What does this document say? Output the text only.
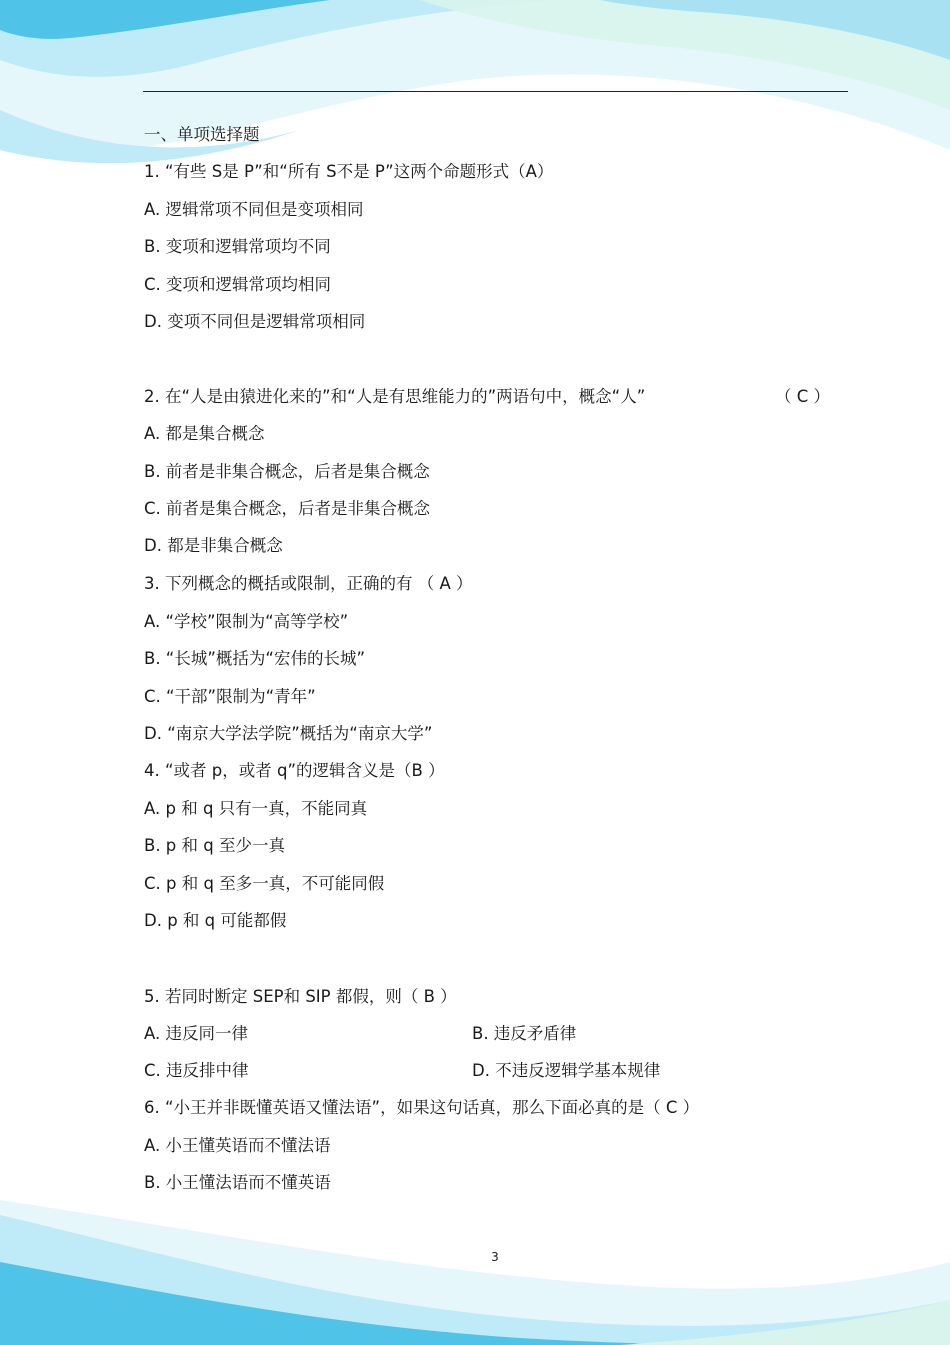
一、单项选择题
1. “有些 S是 P”和“所有 S不是 P”这两个命题形式（A）
A. 逻辑常项不同但是变项相同
B. 变项和逻辑常项均不同
C. 变项和逻辑常项均相同
D. 变项不同但是逻辑常项相同
2. 在“人是由猿进化来的”和“人是有思维能力的”两语句中，概念“人”	（ C ）
A. 都是集合概念
B. 前者是非集合概念，后者是集合概念
C. 前者是集合概念，后者是非集合概念
D. 都是非集合概念
3. 下列概念的概括或限制，正确的有 （ A ）
A. “学校”限制为“高等学校”
B. “长城”概括为“宏伟的长城”
C. “干部”限制为“青年”
D. “南京大学法学院”概括为“南京大学”
4. “或者 p，或者 q”的逻辑含义是（B ）
A. p 和 q 只有一真，不能同真
B. p 和 q 至少一真
C. p 和 q 至多一真，不可能同假
D. p 和 q 可能都假
5. 若同时断定 SEP和 SIP 都假，则（ B ）
A. 违反同一律	B. 违反矛盾律
C. 违反排中律	D. 不违反逻辑学基本规律
6. “小王并非既懂英语又懂法语”，如果这句话真，那么下面必真的是（ C ）
A. 小王懂英语而不懂法语
B. 小王懂法语而不懂英语
3
